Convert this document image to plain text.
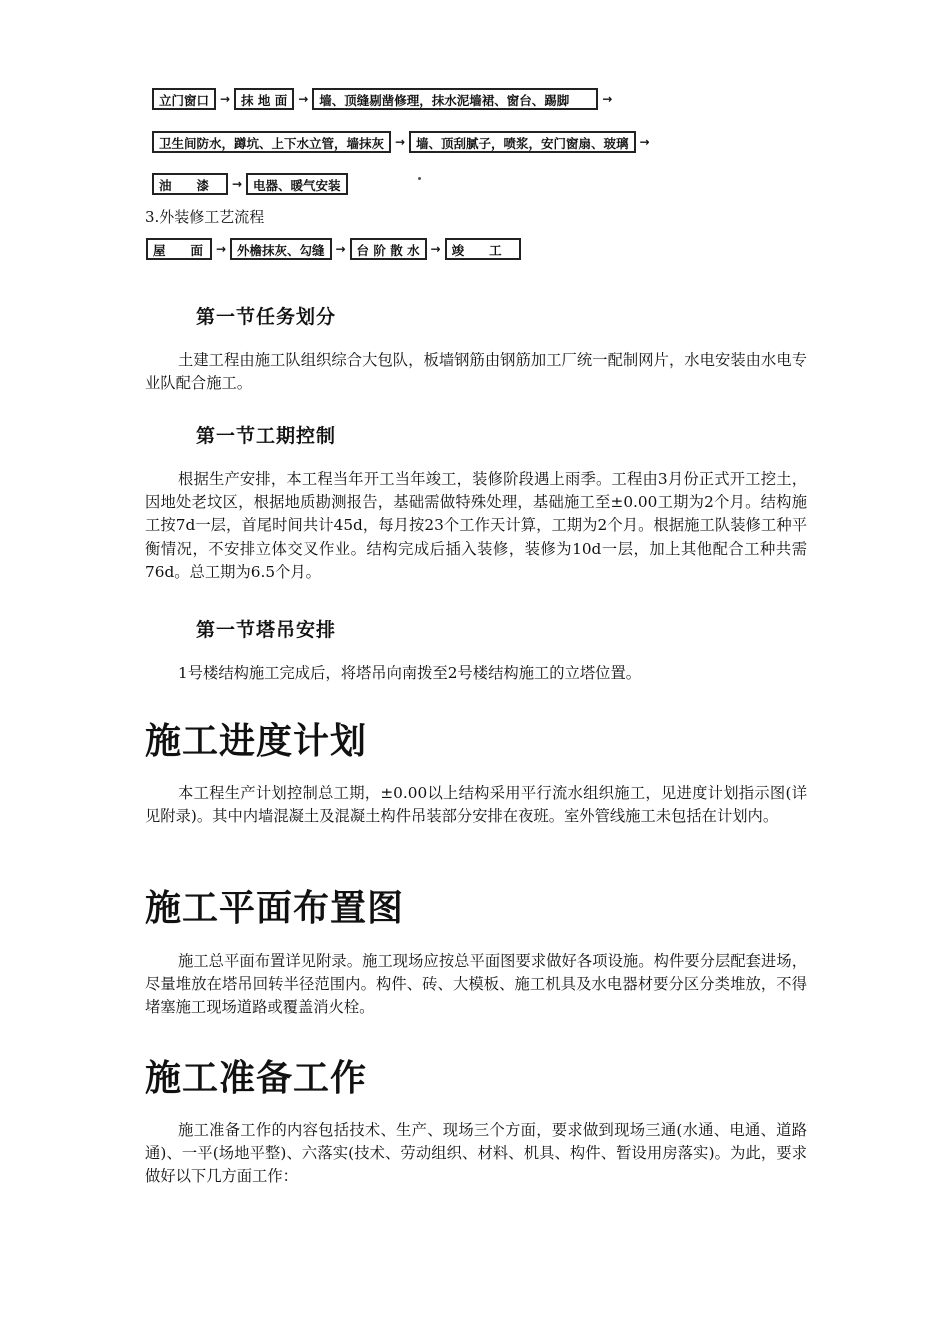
立门窗口 → 抹 地 面 → 墙、顶缝剔凿修理，抹水泥墙裙、窗台、踢脚	→
卫生间防水，蹲坑、上下水立管，墙抹灰 → 墙、顶刮腻子，喷浆，安门窗扇、玻璃 →
油　　漆	→ 电器、暖气安装
3.外装修工艺流程
屋　　面	→ 外檐抹灰、勾缝 → 台 阶 散 水 → 竣　　工
第一节任务划分

土建工程由施工队组织综合大包队，板墙钢筋由钢筋加工厂统一配制网片，水电安装由水电专业队配合施工。

第一节工期控制

根据生产安排，本工程当年开工当年竣工，装修阶段遇上雨季。工程由3月份正式开工挖土，因地处老坟区，根据地质勘测报告，基础需做特殊处理，基础施工至±0.00工期为2个月。结构施工按7d一层，首尾时间共计45d，每月按23个工作天计算，工期为2个月。根据施工队装修工种平衡情况，不安排立体交叉作业。结构完成后插入装修，装修为10d一层，加上其他配合工种共需76d。总工期为6.5个月。

第一节塔吊安排

1号楼结构施工完成后，将塔吊向南拨至2号楼结构施工的立塔位置。

施工进度计划

本工程生产计划控制总工期，±0.00以上结构采用平行流水组织施工，见进度计划指示图(详见附录)。其中内墙混凝土及混凝土构件吊装部分安排在夜班。室外管线施工未包括在计划内。

施工平面布置图

施工总平面布置详见附录。施工现场应按总平面图要求做好各项设施。构件要分层配套进场，尽量堆放在塔吊回转半径范围内。构件、砖、大模板、施工机具及水电器材要分区分类堆放，不得堵塞施工现场道路或覆盖消火栓。

施工准备工作

施工准备工作的内容包括技术、生产、现场三个方面，要求做到现场三通(水通、电通、道路通)、一平(场地平整)、六落实(技术、劳动组织、材料、机具、构件、暂设用房落实)。为此，要求做好以下几方面工作：
